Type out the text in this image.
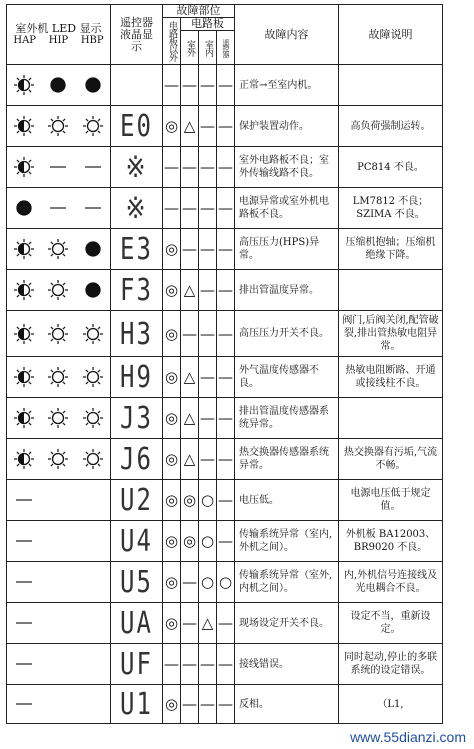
室外机 LED 显示
HAP HIP HBP	遥控器液晶显示	故障部位				故障内容	故障说明

		电路板以外	电路板				

			室外	室内	遥控器		

	—	—	—	—	正常→至室内机。	

E0	◎	△	—	—	保护装置动作。	高负荷强制运转。

※	—	—	—	—	室外电路板不良；室外传输线路不良。	PC814 不良。

※	—	—	—	—	电源异常或室外机电路板不良。	LM7812 不良；SZIMA 不良。

E3	◎	—	—	—	高压压力(HPS)异常。	压缩机抱轴；压缩机绝缘下降。

F3	◎	△	—	—	排出管温度异常。	

H3	◎	—	—	—	高压压力开关不良。	阀门,后阀关闭,配管破裂,排出管热敏电阻异常。

H9	◎	△	—	—	外气温度传感器不良。	热敏电阻断路、开通或接线柱不良。

J3	◎	△	—	—	排出管温度传感器系统异常。	

J6	◎	△	—	—	热交换器传感器系统异常。	热交换器有污垢,气流不畅。

U2	◎	◎	○	—	电压低。	电源电压低于规定值。

U4	◎	◎	○	—	传输系统异常（室内,外机之间）。	外机板 BA12003、BR9020 不良。

U5	◎	—	○	○	传输系统异常（室外,内机之间）。	内,外机信号连接线及光电耦合不良。

UA	◎	—	△	—	现场设定开关不良。	设定不当，重新设定。

UF	—	—	—	—	接线错误。	同时起动,停止的多联系统的设定错误。

U1	◎	—	—	—	反相。	（L1,
www.55dianzi.com
